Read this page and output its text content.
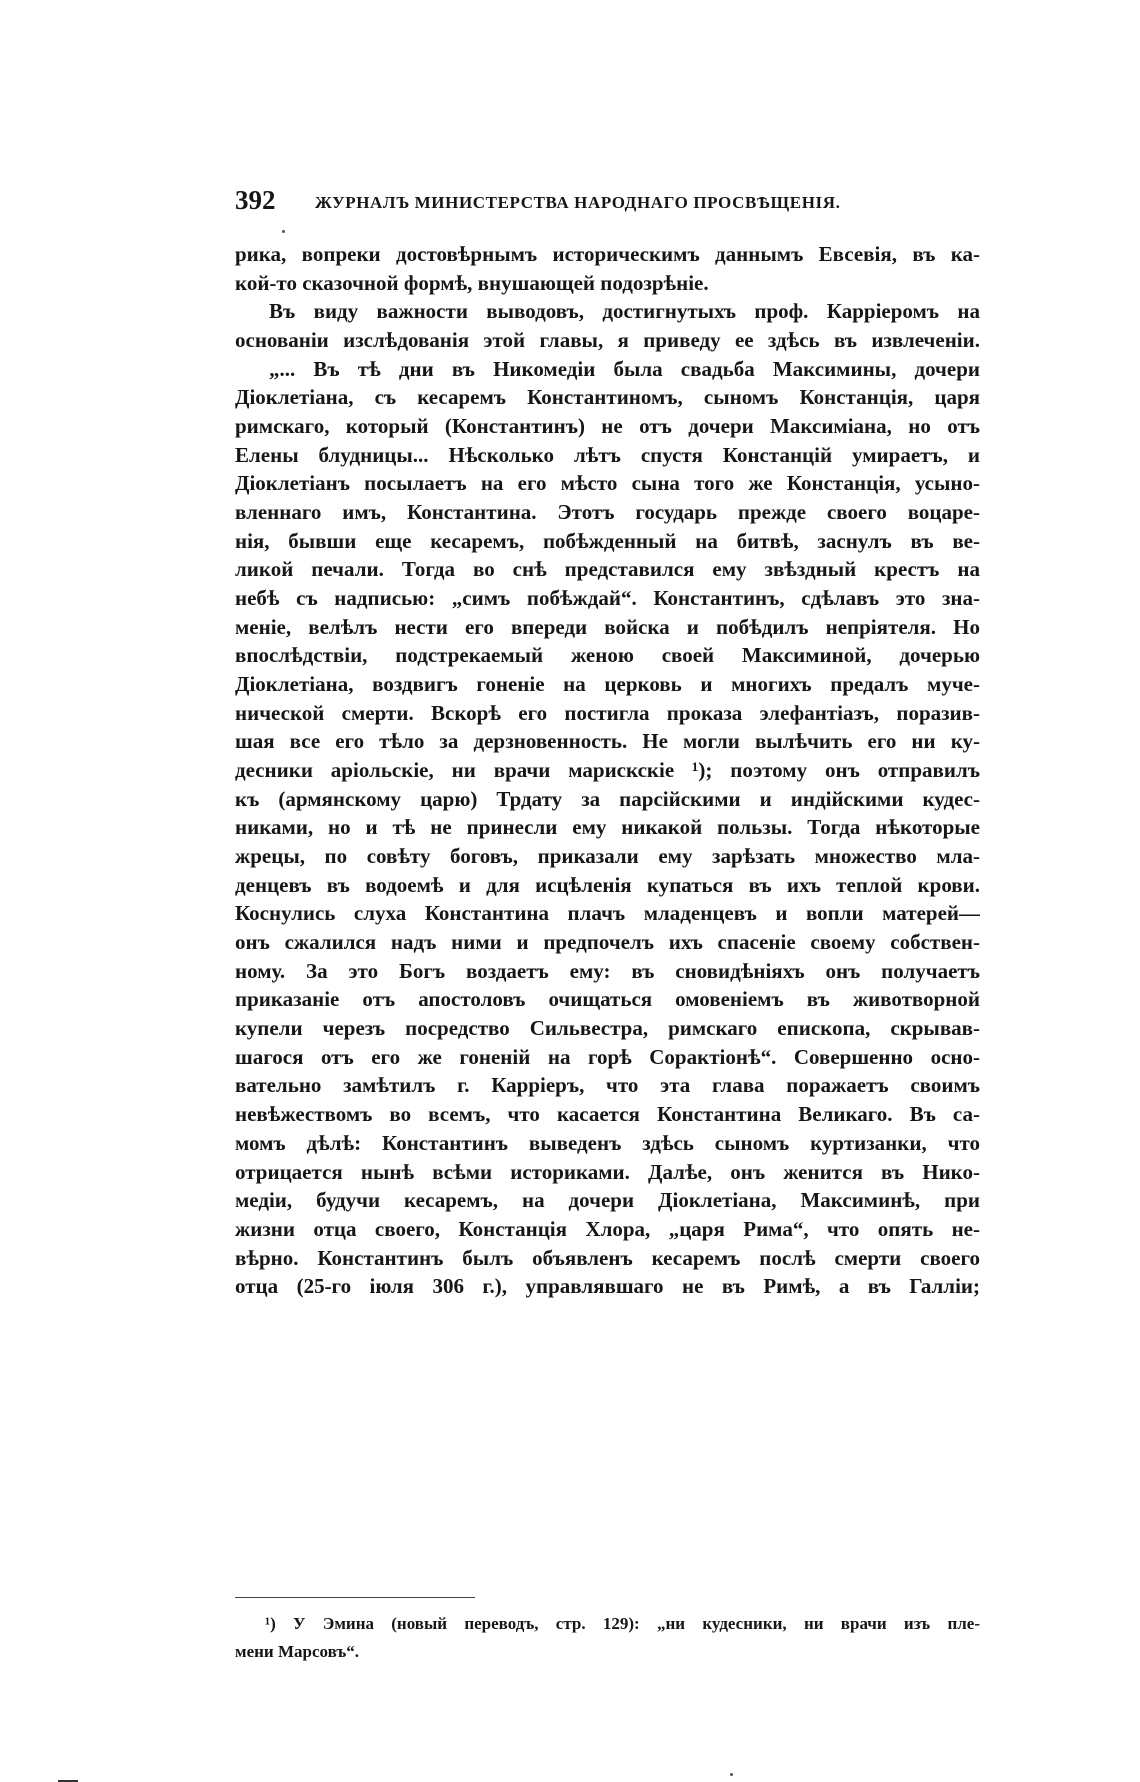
392 ЖУРНАЛЪ МИНИСТЕРСТВА НАРОДНАГО ПРОСВѢЩЕНІЯ.
рика, вопреки достовѣрнымъ историческимъ даннымъ Евсевія, въ ка-
кой-то сказочной формѣ, внушающей подозрѣніе.
Въ виду важности выводовъ, достигнутыхъ проф. Карріеромъ на
основаніи изслѣдованія этой главы, я приведу ее здѣсь въ извлеченіи.
„... Въ тѣ дни въ Никомедіи была свадьба Максимины, дочери
Діоклетіана, съ кесаремъ Константиномъ, сыномъ Констанція, царя
римскаго, который (Константинъ) не отъ дочери Максиміана, но отъ
Елены блудницы... Нѣсколько лѣтъ спустя Констанцій умираетъ, и
Діоклетіанъ посылаетъ на его мѣсто сына того же Констанція, усыно-
вленнаго имъ, Константина. Этотъ государь прежде своего воцаре-
нія, бывши еще кесаремъ, побѣжденный на битвѣ, заснулъ въ ве-
ликой печали. Тогда во снѣ представился ему звѣздный крестъ на
небѣ съ надписью: „симъ побѣждай“. Константинъ, сдѣлавъ это зна-
меніе, велѣлъ нести его впереди войска и побѣдилъ непріятеля. Но
впослѣдствіи, подстрекаемый женою своей Максиминой, дочерью
Діоклетіана, воздвигъ гоненіе на церковь и многихъ предалъ муче-
нической смерти. Вскорѣ его постигла проказа элефантіазъ, поразив-
шая все его тѣло за дерзновенность. Не могли вылѣчить его ни ку-
десники аріольскіе, ни врачи марискскіе ¹); поэтому онъ отправилъ
къ (армянскому царю) Трдату за парсійскими и индійскими кудес-
никами, но и тѣ не принесли ему никакой пользы. Тогда нѣкоторые
жрецы, по совѣту боговъ, приказали ему зарѣзать множество мла-
денцевъ въ водоемѣ и для исцѣленія купаться въ ихъ теплой крови.
Коснулись слуха Константина плачъ младенцевъ и вопли матерей—
онъ сжалился надъ ними и предпочелъ ихъ спасеніе своему собствен-
ному. За это Богъ воздаетъ ему: въ сновидѣніяхъ онъ получаетъ
приказаніе отъ апостоловъ очищаться омовеніемъ въ животворной
купели черезъ посредство Сильвестра, римскаго епископа, скрывав-
шагося отъ его же гоненій на горѣ Сорактіонѣ“. Совершенно осно-
вательно замѣтилъ г. Карріеръ, что эта глава поражаетъ своимъ
невѣжествомъ во всемъ, что касается Константина Великаго. Въ са-
момъ дѣлѣ: Константинъ выведенъ здѣсь сыномъ куртизанки, что
отрицается нынѣ всѣми историками. Далѣе, онъ женится въ Нико-
медіи, будучи кесаремъ, на дочери Діоклетіана, Максиминѣ, при
жизни отца своего, Констанція Хлора, „царя Рима“, что опять не-
вѣрно. Константинъ былъ объявленъ кесаремъ послѣ смерти своего
отца (25-го іюля 306 г.), управлявшаго не въ Римѣ, а въ Галліи;
¹) У Эмина (новый переводъ, стр. 129): „ни кудесники, ни врачи изъ пле-
мени Марсовъ“.
